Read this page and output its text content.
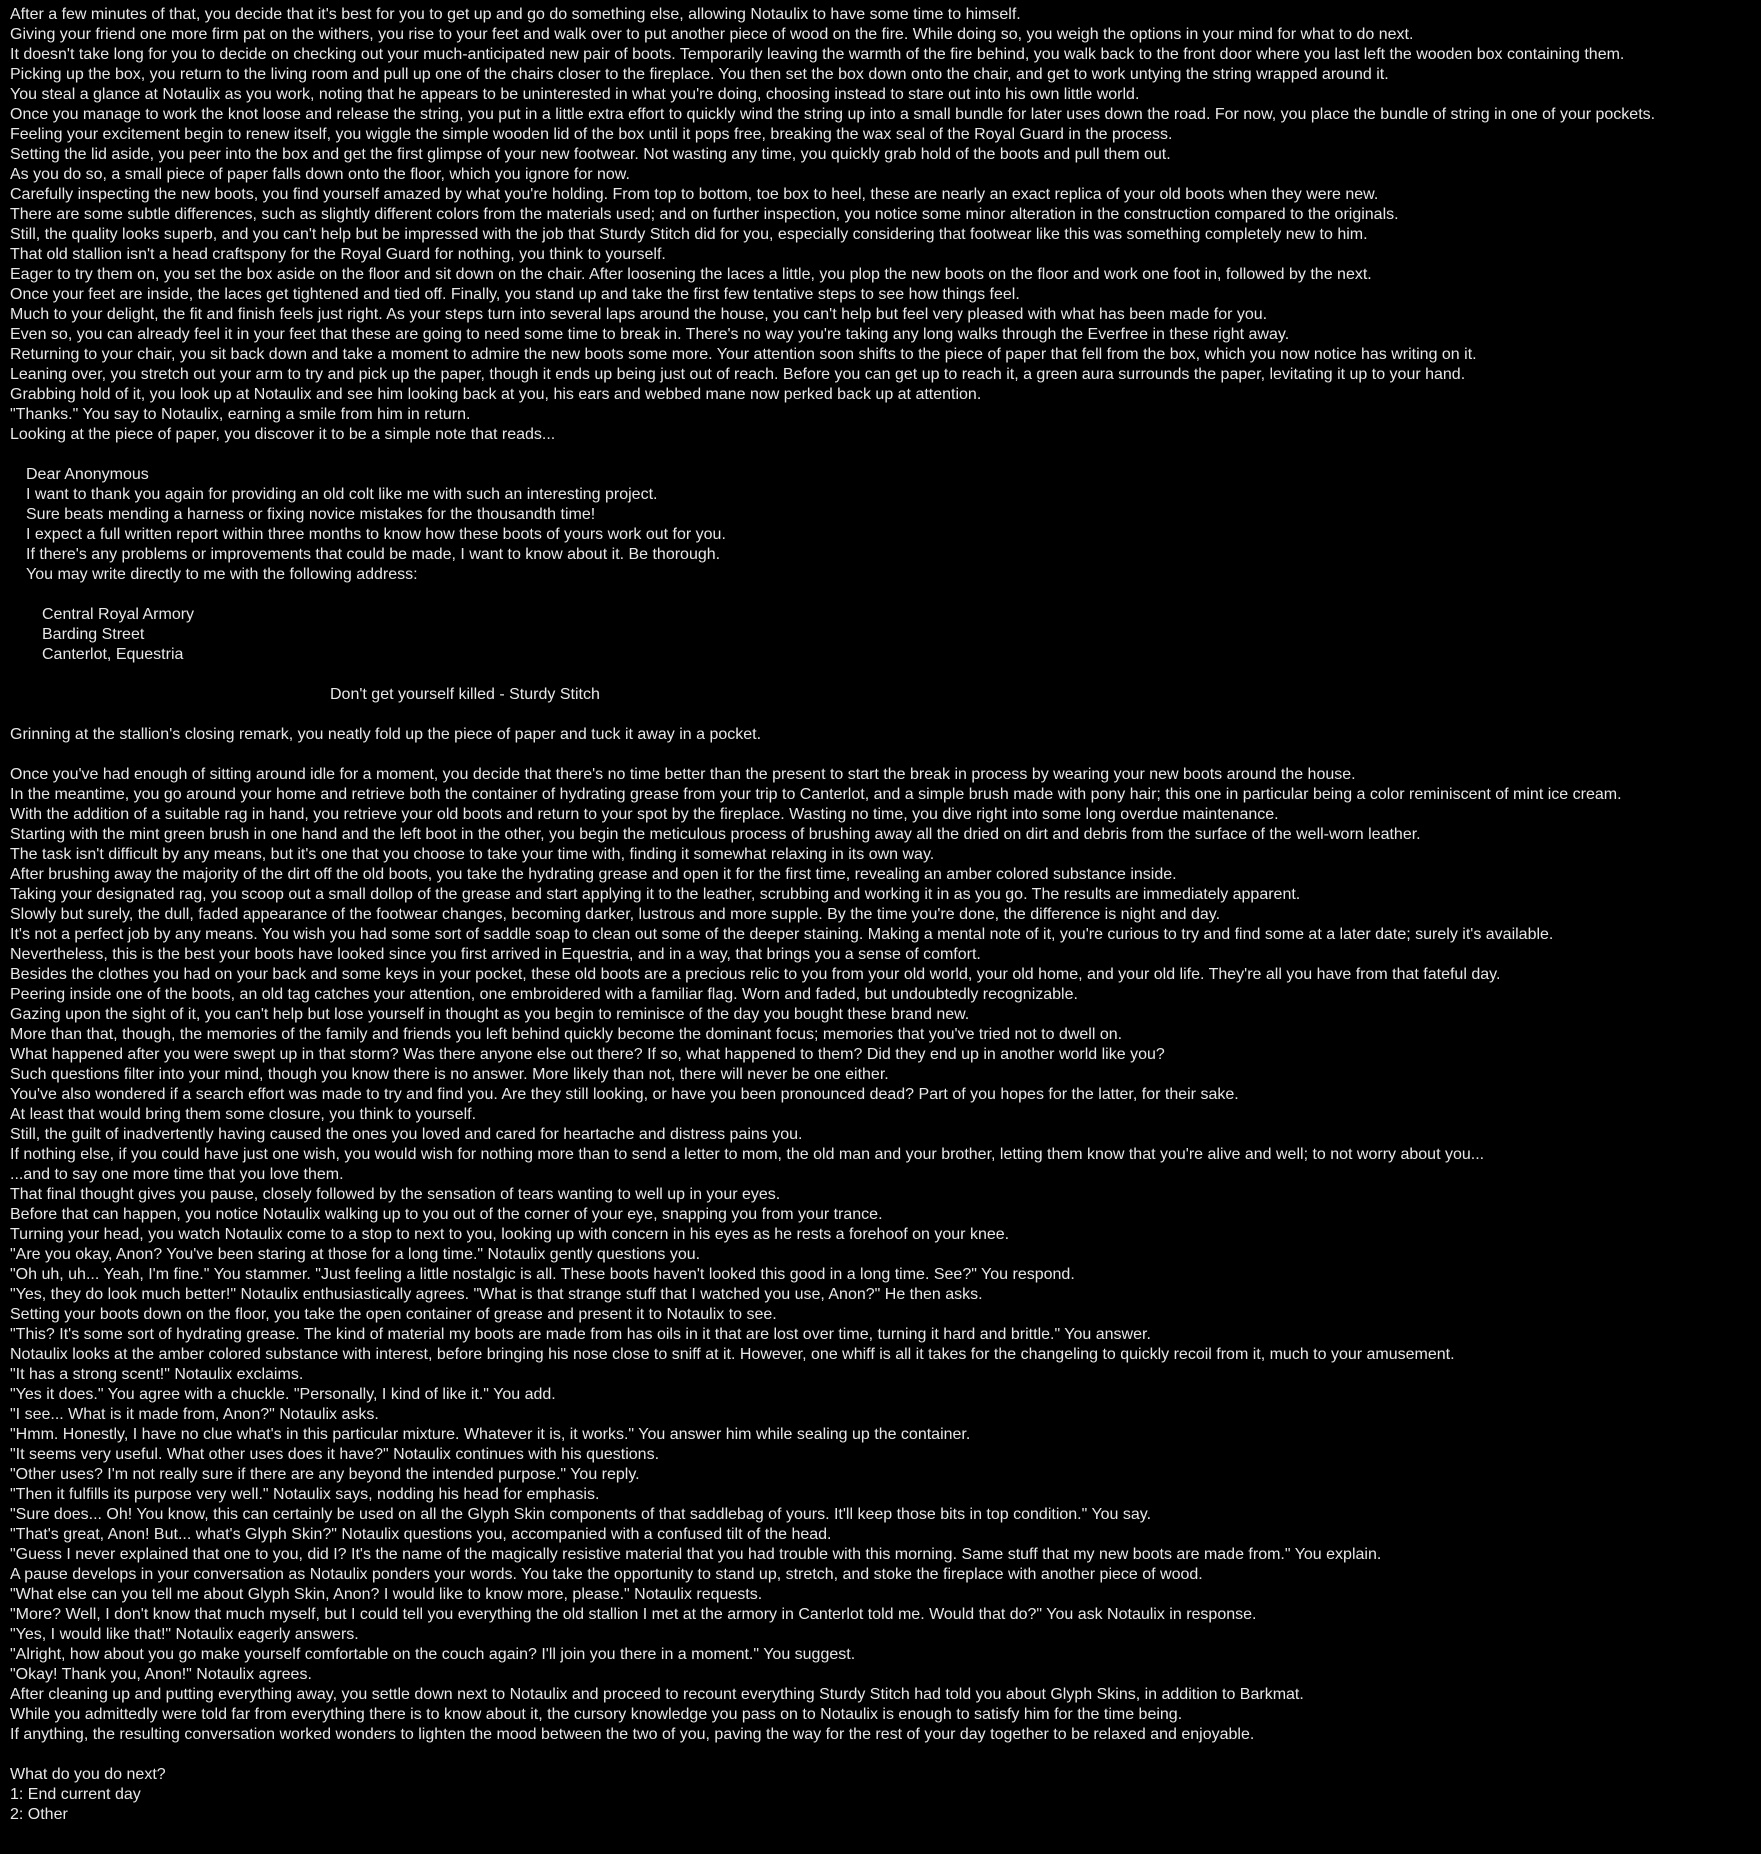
After a few minutes of that, you decide that it's best for you to get up and go do something else, allowing Notaulix to have some time to himself.
Giving your friend one more firm pat on the withers, you rise to your feet and walk over to put another piece of wood on the fire. While doing so, you weigh the options in your mind for what to do next.
It doesn't take long for you to decide on checking out your much-anticipated new pair of boots. Temporarily leaving the warmth of the fire behind, you walk back to the front door where you last left the wooden box containing them.
Picking up the box, you return to the living room and pull up one of the chairs closer to the fireplace. You then set the box down onto the chair, and get to work untying the string wrapped around it.
You steal a glance at Notaulix as you work, noting that he appears to be uninterested in what you're doing, choosing instead to stare out into his own little world.
Once you manage to work the knot loose and release the string, you put in a little extra effort to quickly wind the string up into a small bundle for later uses down the road. For now, you place the bundle of string in one of your pockets.
Feeling your excitement begin to renew itself, you wiggle the simple wooden lid of the box until it pops free, breaking the wax seal of the Royal Guard in the process.
Setting the lid aside, you peer into the box and get the first glimpse of your new footwear. Not wasting any time, you quickly grab hold of the boots and pull them out.
As you do so, a small piece of paper falls down onto the floor, which you ignore for now.
Carefully inspecting the new boots, you find yourself amazed by what you're holding. From top to bottom, toe box to heel, these are nearly an exact replica of your old boots when they were new.
There are some subtle differences, such as slightly different colors from the materials used; and on further inspection, you notice some minor alteration in the construction compared to the originals.
Still, the quality looks superb, and you can't help but be impressed with the job that Sturdy Stitch did for you, especially considering that footwear like this was something completely new to him.
That old stallion isn't a head craftspony for the Royal Guard for nothing, you think to yourself.
Eager to try them on, you set the box aside on the floor and sit down on the chair. After loosening the laces a little, you plop the new boots on the floor and work one foot in, followed by the next.
Once your feet are inside, the laces get tightened and tied off. Finally, you stand up and take the first few tentative steps to see how things feel.
Much to your delight, the fit and finish feels just right. As your steps turn into several laps around the house, you can't help but feel very pleased with what has been made for you.
Even so, you can already feel it in your feet that these are going to need some time to break in. There's no way you're taking any long walks through the Everfree in these right away.
Returning to your chair, you sit back down and take a moment to admire the new boots some more. Your attention soon shifts to the piece of paper that fell from the box, which you now notice has writing on it.
Leaning over, you stretch out your arm to try and pick up the paper, though it ends up being just out of reach. Before you can get up to reach it, a green aura surrounds the paper, levitating it up to your hand.
Grabbing hold of it, you look up at Notaulix and see him looking back at you, his ears and webbed mane now perked back up at attention.
"Thanks." You say to Notaulix, earning a smile from him in return.
Looking at the piece of paper, you discover it to be a simple note that reads...
Dear Anonymous
I want to thank you again for providing an old colt like me with such an interesting project.
Sure beats mending a harness or fixing novice mistakes for the thousandth time!
I expect a full written report within three months to know how these boots of yours work out for you.
If there's any problems or improvements that could be made, I want to know about it. Be thorough.
You may write directly to me with the following address:
Central Royal Armory
Barding Street
Canterlot, Equestria
Don't get yourself killed - Sturdy Stitch
Grinning at the stallion's closing remark, you neatly fold up the piece of paper and tuck it away in a pocket.
Once you've had enough of sitting around idle for a moment, you decide that there's no time better than the present to start the break in process by wearing your new boots around the house.
In the meantime, you go around your home and retrieve both the container of hydrating grease from your trip to Canterlot, and a simple brush made with pony hair; this one in particular being a color reminiscent of mint ice cream.
With the addition of a suitable rag in hand, you retrieve your old boots and return to your spot by the fireplace. Wasting no time, you dive right into some long overdue maintenance.
Starting with the mint green brush in one hand and the left boot in the other, you begin the meticulous process of brushing away all the dried on dirt and debris from the surface of the well-worn leather.
The task isn't difficult by any means, but it's one that you choose to take your time with, finding it somewhat relaxing in its own way.
After brushing away the majority of the dirt off the old boots, you take the hydrating grease and open it for the first time, revealing an amber colored substance inside.
Taking your designated rag, you scoop out a small dollop of the grease and start applying it to the leather, scrubbing and working it in as you go. The results are immediately apparent.
Slowly but surely, the dull, faded appearance of the footwear changes, becoming darker, lustrous and more supple. By the time you're done, the difference is night and day.
It's not a perfect job by any means. You wish you had some sort of saddle soap to clean out some of the deeper staining. Making a mental note of it, you're curious to try and find some at a later date; surely it's available.
Nevertheless, this is the best your boots have looked since you first arrived in Equestria, and in a way, that brings you a sense of comfort.
Besides the clothes you had on your back and some keys in your pocket, these old boots are a precious relic to you from your old world, your old home, and your old life. They're all you have from that fateful day.
Peering inside one of the boots, an old tag catches your attention, one embroidered with a familiar flag. Worn and faded, but undoubtedly recognizable.
Gazing upon the sight of it, you can't help but lose yourself in thought as you begin to reminisce of the day you bought these brand new.
More than that, though, the memories of the family and friends you left behind quickly become the dominant focus; memories that you've tried not to dwell on.
What happened after you were swept up in that storm? Was there anyone else out there? If so, what happened to them? Did they end up in another world like you?
Such questions filter into your mind, though you know there is no answer. More likely than not, there will never be one either.
You've also wondered if a search effort was made to try and find you. Are they still looking, or have you been pronounced dead? Part of you hopes for the latter, for their sake.
At least that would bring them some closure, you think to yourself.
Still, the guilt of inadvertently having caused the ones you loved and cared for heartache and distress pains you.
If nothing else, if you could have just one wish, you would wish for nothing more than to send a letter to mom, the old man and your brother, letting them know that you're alive and well; to not worry about you...
...and to say one more time that you love them.
That final thought gives you pause, closely followed by the sensation of tears wanting to well up in your eyes.
Before that can happen, you notice Notaulix walking up to you out of the corner of your eye, snapping you from your trance.
Turning your head, you watch Notaulix come to a stop to next to you, looking up with concern in his eyes as he rests a forehoof on your knee.
"Are you okay, Anon? You've been staring at those for a long time." Notaulix gently questions you.
"Oh uh, uh... Yeah, I'm fine." You stammer. "Just feeling a little nostalgic is all. These boots haven't looked this good in a long time. See?" You respond.
"Yes, they do look much better!" Notaulix enthusiastically agrees. "What is that strange stuff that I watched you use, Anon?" He then asks.
Setting your boots down on the floor, you take the open container of grease and present it to Notaulix to see.
"This? It's some sort of hydrating grease. The kind of material my boots are made from has oils in it that are lost over time, turning it hard and brittle." You answer.
Notaulix looks at the amber colored substance with interest, before bringing his nose close to sniff at it. However, one whiff is all it takes for the changeling to quickly recoil from it, much to your amusement.
"It has a strong scent!" Notaulix exclaims.
"Yes it does." You agree with a chuckle. "Personally, I kind of like it." You add.
"I see... What is it made from, Anon?" Notaulix asks.
"Hmm. Honestly, I have no clue what's in this particular mixture. Whatever it is, it works." You answer him while sealing up the container.
"It seems very useful. What other uses does it have?" Notaulix continues with his questions.
"Other uses? I'm not really sure if there are any beyond the intended purpose." You reply.
"Then it fulfills its purpose very well." Notaulix says, nodding his head for emphasis.
"Sure does... Oh! You know, this can certainly be used on all the Glyph Skin components of that saddlebag of yours. It'll keep those bits in top condition." You say.
"That's great, Anon! But... what's Glyph Skin?" Notaulix questions you, accompanied with a confused tilt of the head.
"Guess I never explained that one to you, did I? It's the name of the magically resistive material that you had trouble with this morning. Same stuff that my new boots are made from." You explain.
A pause develops in your conversation as Notaulix ponders your words. You take the opportunity to stand up, stretch, and stoke the fireplace with another piece of wood.
"What else can you tell me about Glyph Skin, Anon? I would like to know more, please." Notaulix requests.
"More? Well, I don't know that much myself, but I could tell you everything the old stallion I met at the armory in Canterlot told me. Would that do?" You ask Notaulix in response.
"Yes, I would like that!" Notaulix eagerly answers.
"Alright, how about you go make yourself comfortable on the couch again? I'll join you there in a moment." You suggest.
"Okay! Thank you, Anon!" Notaulix agrees.
After cleaning up and putting everything away, you settle down next to Notaulix and proceed to recount everything Sturdy Stitch had told you about Glyph Skins, in addition to Barkmat.
While you admittedly were told far from everything there is to know about it, the cursory knowledge you pass on to Notaulix is enough to satisfy him for the time being.
If anything, the resulting conversation worked wonders to lighten the mood between the two of you, paving the way for the rest of your day together to be relaxed and enjoyable.
What do you do next?
1: End current day
2: Other
